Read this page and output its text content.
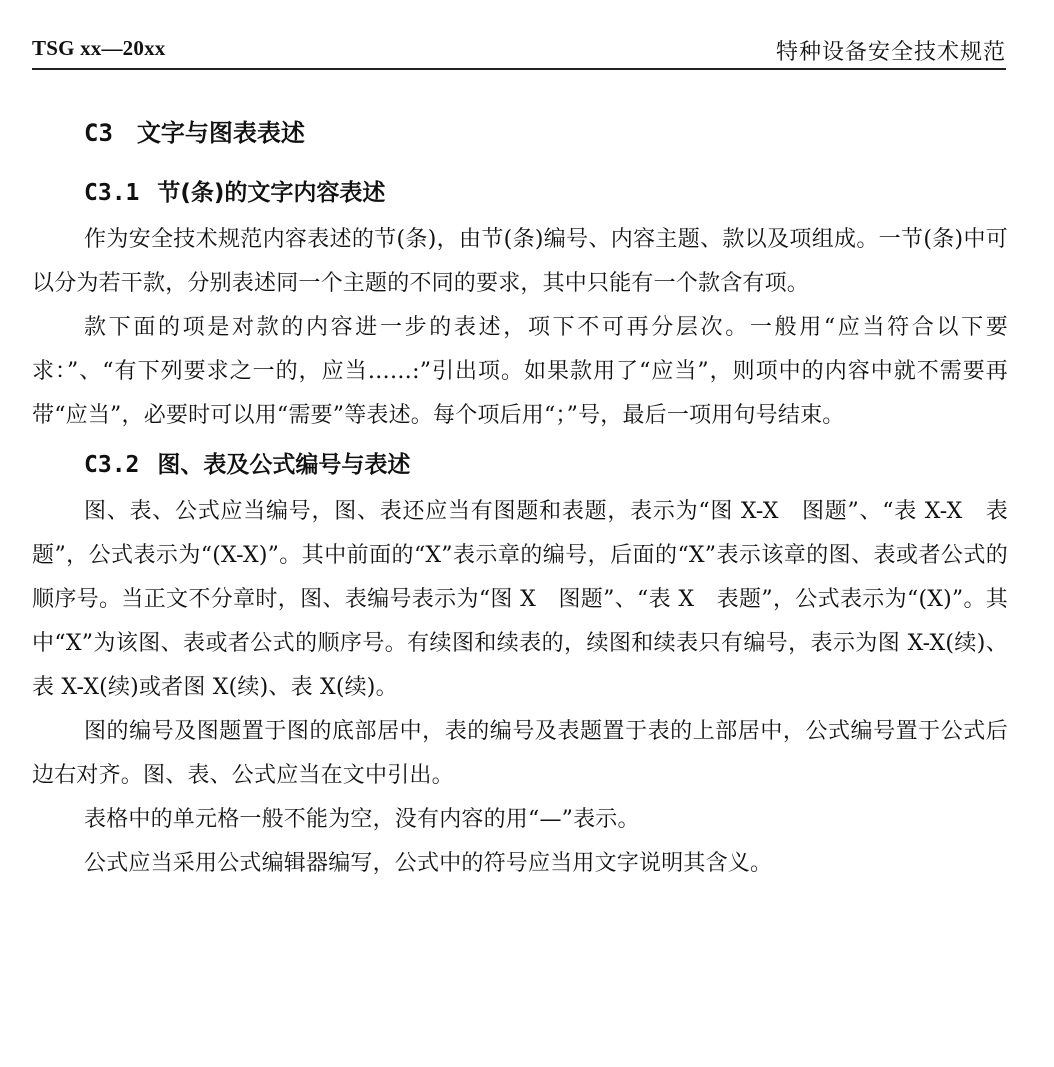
TSG xx—20xx	特种设备安全技术规范
C3 文字与图表表述
C3.1 节(条)的文字内容表述

作为安全技术规范内容表述的节(条)，由节(条)编号、内容主题、款以及项组成。一节(条)中可以分为若干款，分别表述同一个主题的不同的要求，其中只能有一个款含有项。

款下面的项是对款的内容进一步的表述，项下不可再分层次。一般用“应当符合以下要求：”、“有下列要求之一的，应当……:”引出项。如果款用了“应当”，则项中的内容中就不需要再带“应当”，必要时可以用“需要”等表述。每个项后用“；”号，最后一项用句号结束。

C3.2 图、表及公式编号与表述

图、表、公式应当编号，图、表还应当有图题和表题，表示为“图 X-X　图题”、“表 X-X　表题”，公式表示为“(X-X)”。其中前面的“X”表示章的编号，后面的“X”表示该章的图、表或者公式的顺序号。当正文不分章时，图、表编号表示为“图 X　图题”、“表 X　表题”，公式表示为“(X)”。其中“X”为该图、表或者公式的顺序号。有续图和续表的，续图和续表只有编号，表示为图 X-X(续)、表 X-X(续)或者图 X(续)、表 X(续)。

图的编号及图题置于图的底部居中，表的编号及表题置于表的上部居中，公式编号置于公式后边右对齐。图、表、公式应当在文中引出。

表格中的单元格一般不能为空，没有内容的用“—”表示。

公式应当采用公式编辑器编写，公式中的符号应当用文字说明其含义。
